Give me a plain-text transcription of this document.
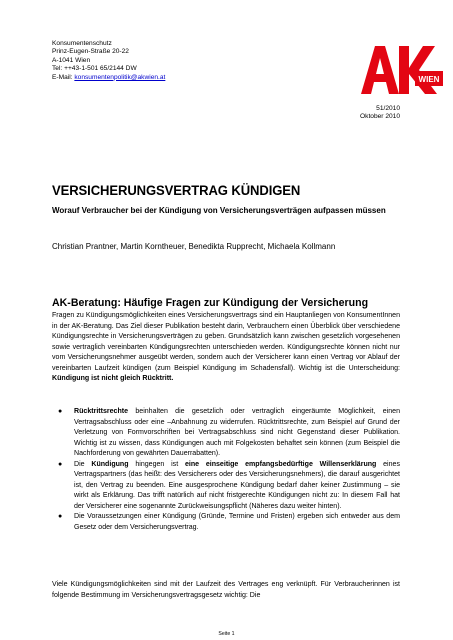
Konsumentenschutz
Prinz-Eugen-Straße 20-22
A-1041 Wien
Tel: ++43-1-501 65/2144 DW
E-Mail: konsumentenpolitik@akwien.at	WIEN
51/2010
Oktober 2010
VERSICHERUNGSVERTRAG KÜNDIGEN

Worauf Verbraucher bei der Kündigung von Versicherungsverträgen aufpassen müssen

Christian Prantner, Martin Korntheuer, Benedikta Rupprecht, Michaela Kollmann

AK-Beratung: Häufige Fragen zur Kündigung der Versicherung

Fragen zu Kündigungsmöglichkeiten eines Versicherungsvertrags sind ein Hauptanliegen von KonsumentInnen in der AK-Beratung. Das Ziel dieser Publikation besteht darin, Verbrauchern einen Überblick über verschiedene Kündigungsrechte in Versicherungsverträgen zu geben. Grundsätzlich kann zwischen gesetzlich vorgesehenen sowie vertraglich vereinbarten Kündigungsrechten unterschieden werden. Kündigungsrechte können nicht nur vom Versicherungsnehmer ausgeübt werden, sondern auch der Versicherer kann einen Vertrag vor Ablauf der vereinbarten Laufzeit kündigen (zum Beispiel Kündigung im Schadensfall). Wichtig ist die Unterscheidung: Kündigung ist nicht gleich Rücktritt.

● Rücktrittsrechte beinhalten die gesetzlich oder vertraglich eingeräumte Möglichkeit, einen Vertragsabschluss oder eine –Anbahnung zu widerrufen. Rücktrittsrechte, zum Beispiel auf Grund der Verletzung von Formvorschriften bei Vertragsabschluss sind nicht Gegenstand dieser Publikation. Wichtig ist zu wissen, dass Kündigungen auch mit Folgekosten behaftet sein können (zum Beispiel die Nachforderung von gewährten Dauerrabatten).
● Die Kündigung hingegen ist eine einseitige empfangsbedürftige Willenserklärung eines Vertragspartners (das heißt: des Versicherers oder des Versicherungsnehmers), die darauf ausgerichtet ist, den Vertrag zu beenden. Eine ausgesprochene Kündigung bedarf daher keiner Zustimmung – sie wirkt als Erklärung. Das trifft natürlich auf nicht fristgerechte Kündigungen nicht zu: In diesem Fall hat der Versicherer eine sogenannte Zurückweisungspflicht (Näheres dazu weiter hinten).
● Die Voraussetzungen einer Kündigung (Gründe, Termine und Fristen) ergeben sich entweder aus dem Gesetz oder dem Versicherungsvertrag.

Viele Kündigungsmöglichkeiten sind mit der Laufzeit des Vertrages eng verknüpft. Für Verbraucherinnen ist folgende Bestimmung im Versicherungsvertragsgesetz wichtig: Die

Seite 1
